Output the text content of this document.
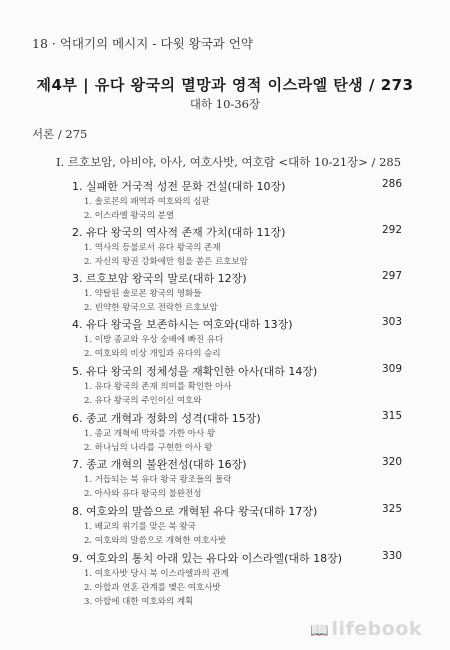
18 · 억대기의 메시지 - 다윗 왕국과 언약
제4부 | 유다 왕국의 멸망과 영적 이스라엘 탄생 / 273
대하 10-36장
서론 / 275
I. 르호보암, 아비야, 아사, 여호사밧, 여호람 <대하 10-21장> / 285
1. 실패한 거국적 성전 문화 건설(대하 10장)	286
1. 솔로몬의 패역과 여호와의 심판
2. 이스라엘 왕국의 분열
2. 유다 왕국의 역사적 존재 가치(대하 11장)	292
1. 역사의 등불로서 유다 왕국의 존재
2. 자신의 왕권 강화에만 힘을 쏟은 르호보암
3. 르호보암 왕국의 말로(대하 12장)	297
1. 약탈된 솔로몬 왕국의 영화들
2. 빈약한 왕국으로 전락한 르호보암
4. 유다 왕국을 보존하시는 여호와(대하 13장)	303
1. 이방 종교와 우상 숭배에 빠진 유다
2. 여호와의 비상 개입과 유다의 승리
5. 유다 왕국의 정체성을 재확인한 아사(대하 14장)	309
1. 유다 왕국의 존재 의미를 확인한 아사
2. 유다 왕국의 주인이신 여호와
6. 종교 개혁과 정화의 성격(대하 15장)	315
1. 종교 개혁에 박차를 가한 아사 왕
2. 하나님의 나라를 구현한 아사 왕
7. 종교 개혁의 불완전성(대하 16장)	320
1. 거듭되는 북 유다 왕국 왕조들의 몰락
2. 아사와 유다 왕국의 불완전성
8. 여호와의 말씀으로 개혁된 유다 왕국(대하 17장)	325
1. 배교의 위기를 맞은 북 왕국
2. 여호와의 말씀으로 개혁한 여호사밧
9. 여호와의 통치 아래 있는 유다와 이스라엘(대하 18장)	330
1. 여호사밧 당시 북 이스라엘과의 관계
2. 아합과 연혼 관계를 맺은 여호사밧
3. 아합에 대한 여호와의 계획
📖 lifebook
